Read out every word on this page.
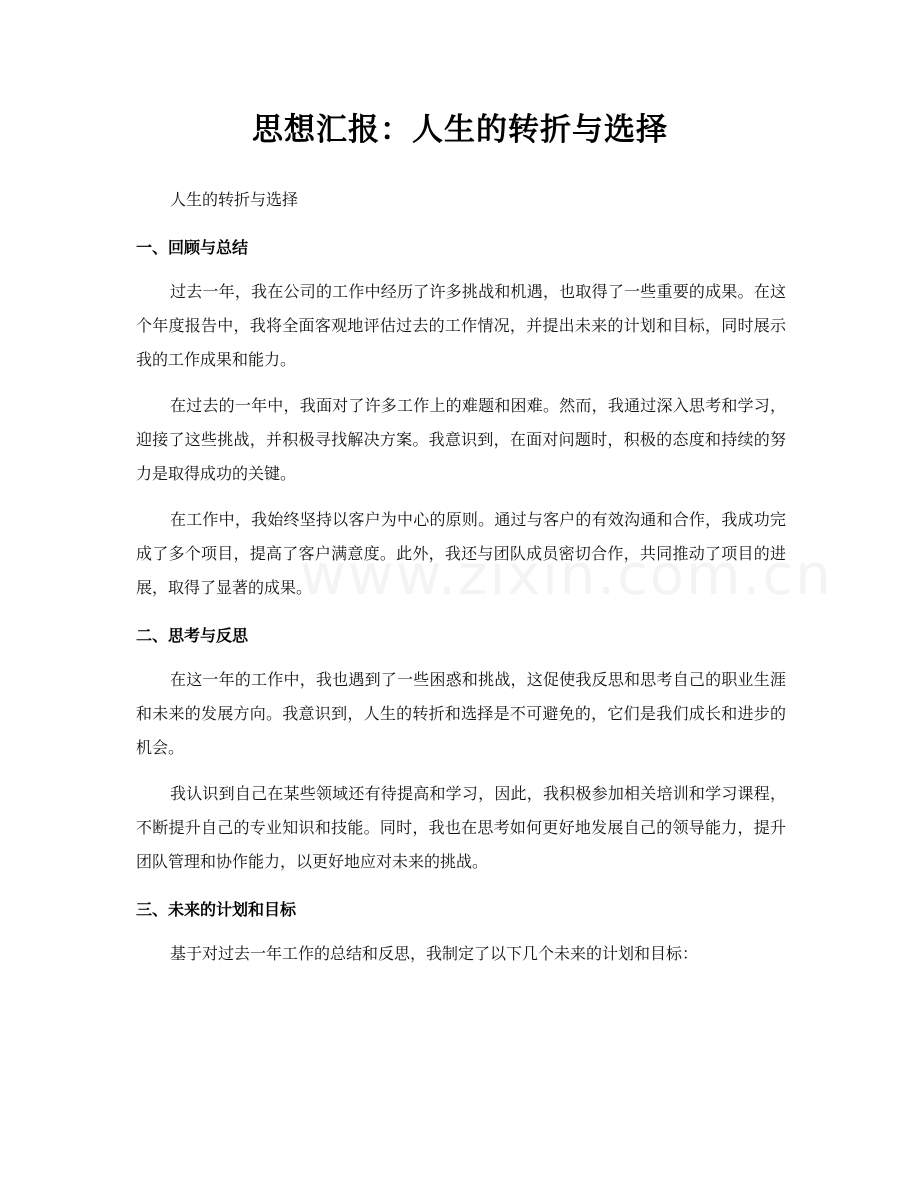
思想汇报：人生的转折与选择

人生的转折与选择

一、回顾与总结

过去一年，我在公司的工作中经历了许多挑战和机遇，也取得了一些重要的成果。在这个年度报告中，我将全面客观地评估过去的工作情况，并提出未来的计划和目标，同时展示我的工作成果和能力。

在过去的一年中，我面对了许多工作上的难题和困难。然而，我通过深入思考和学习，迎接了这些挑战，并积极寻找解决方案。我意识到，在面对问题时，积极的态度和持续的努力是取得成功的关键。

在工作中，我始终坚持以客户为中心的原则。通过与客户的有效沟通和合作，我成功完成了多个项目，提高了客户满意度。此外，我还与团队成员密切合作，共同推动了项目的进展，取得了显著的成果。

二、思考与反思

在这一年的工作中，我也遇到了一些困惑和挑战，这促使我反思和思考自己的职业生涯和未来的发展方向。我意识到，人生的转折和选择是不可避免的，它们是我们成长和进步的机会。

我认识到自己在某些领域还有待提高和学习，因此，我积极参加相关培训和学习课程，不断提升自己的专业知识和技能。同时，我也在思考如何更好地发展自己的领导能力，提升团队管理和协作能力，以更好地应对未来的挑战。

三、未来的计划和目标

基于对过去一年工作的总结和反思，我制定了以下几个未来的计划和目标：
